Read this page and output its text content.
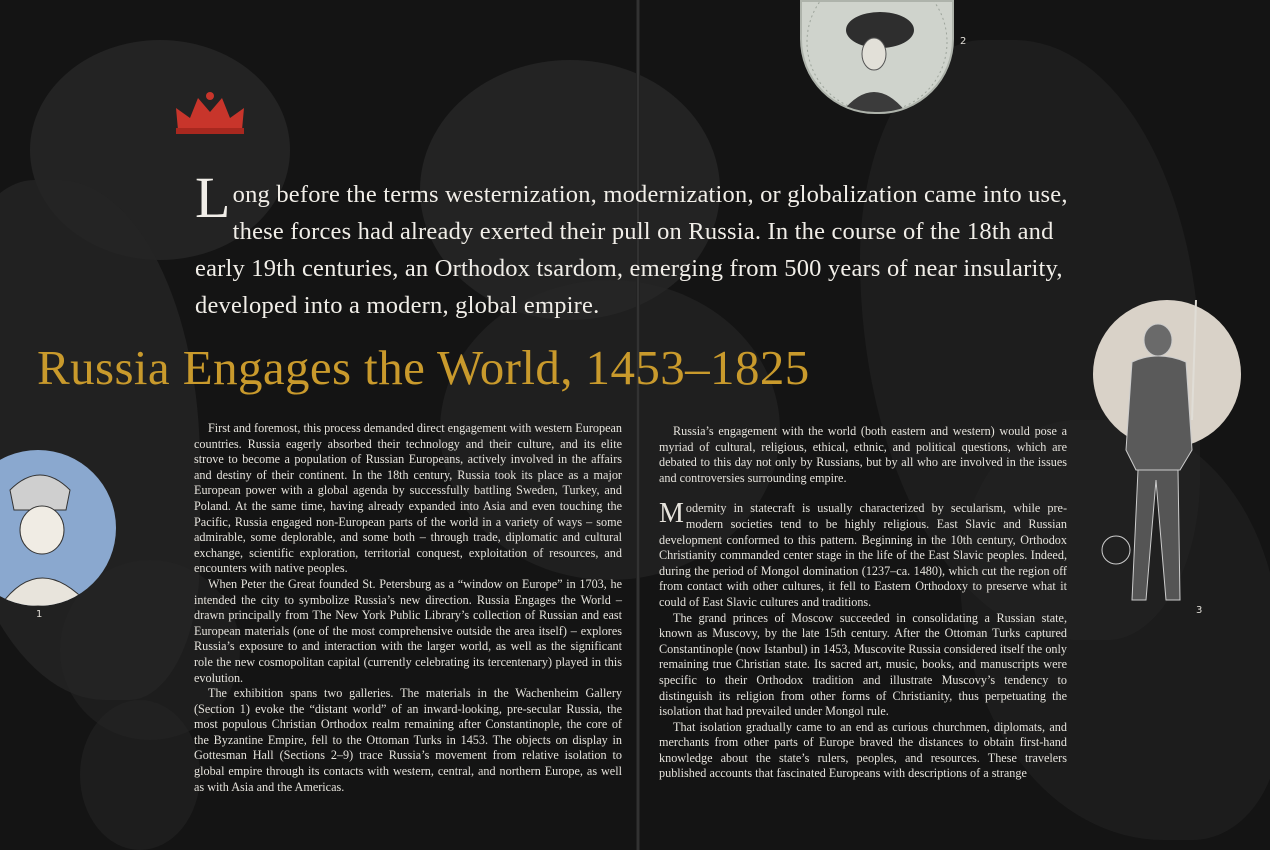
2
1	3
Long before the terms westernization, modernization, or globalization came into use, these forces had already exerted their pull on Russia. In the course of the 18th and early 19th centuries, an Orthodox tsardom, emerging from 500 years of near insularity, developed into a modern, global empire.
Russia Engages the World, 1453–1825

First and foremost, this process demanded direct engagement with western European countries. Russia eagerly absorbed their technology and their culture, and its elite strove to become a population of Russian Europeans, actively involved in the affairs and destiny of their continent. In the 18th century, Russia took its place as a major European power with a global agenda by successfully battling Sweden, Turkey, and Poland. At the same time, having already expanded into Asia and even touching the Pacific, Russia engaged non-European parts of the world in a variety of ways – some admirable, some deplorable, and some both – through trade, diplomatic and cultural exchange, scientific exploration, territorial conquest, exploitation of resources, and encounters with native peoples.

When Peter the Great founded St. Petersburg as a “window on Europe” in 1703, he intended the city to symbolize Russia’s new direction. Russia Engages the World – drawn principally from The New York Public Library’s collection of Russian and east European materials (one of the most comprehensive outside the area itself) – explores Russia’s exposure to and interaction with the larger world, as well as the significant role the new cosmopolitan capital (currently celebrating its tercentenary) played in this evolution.

The exhibition spans two galleries. The materials in the Wachenheim Gallery (Section 1) evoke the “distant world” of an inward-looking, pre-secular Russia, the most populous Christian Orthodox realm remaining after Constantinople, the core of the Byzantine Empire, fell to the Ottoman Turks in 1453. The objects on display in Gottesman Hall (Sections 2–9) trace Russia’s movement from relative isolation to global empire through its contacts with western, central, and northern Europe, as well as with Asia and the Americas.

Russia’s engagement with the world (both eastern and western) would pose a myriad of cultural, religious, ethical, ethnic, and political questions, which are debated to this day not only by Russians, but by all who are involved in the issues and controversies surrounding empire.

Modernity in statecraft is usually characterized by secularism, while pre-modern societies tend to be highly religious. East Slavic and Russian development conformed to this pattern. Beginning in the 10th century, Orthodox Christianity commanded center stage in the life of the East Slavic peoples. Indeed, during the period of Mongol domination (1237–ca. 1480), which cut the region off from contact with other cultures, it fell to Eastern Orthodoxy to preserve what it could of East Slavic cultures and traditions.

The grand princes of Moscow succeeded in consolidating a Russian state, known as Muscovy, by the late 15th century. After the Ottoman Turks captured Constantinople (now Istanbul) in 1453, Muscovite Russia considered itself the only remaining true Christian state. Its sacred art, music, books, and manuscripts were specific to their Orthodox tradition and illustrate Muscovy’s tendency to distinguish its religion from other forms of Christianity, thus perpetuating the isolation that had prevailed under Mongol rule.

That isolation gradually came to an end as curious churchmen, diplomats, and merchants from other parts of Europe braved the distances to obtain first-hand knowledge about the state’s rulers, peoples, and resources. These travelers published accounts that fascinated Europeans with descriptions of a strange
